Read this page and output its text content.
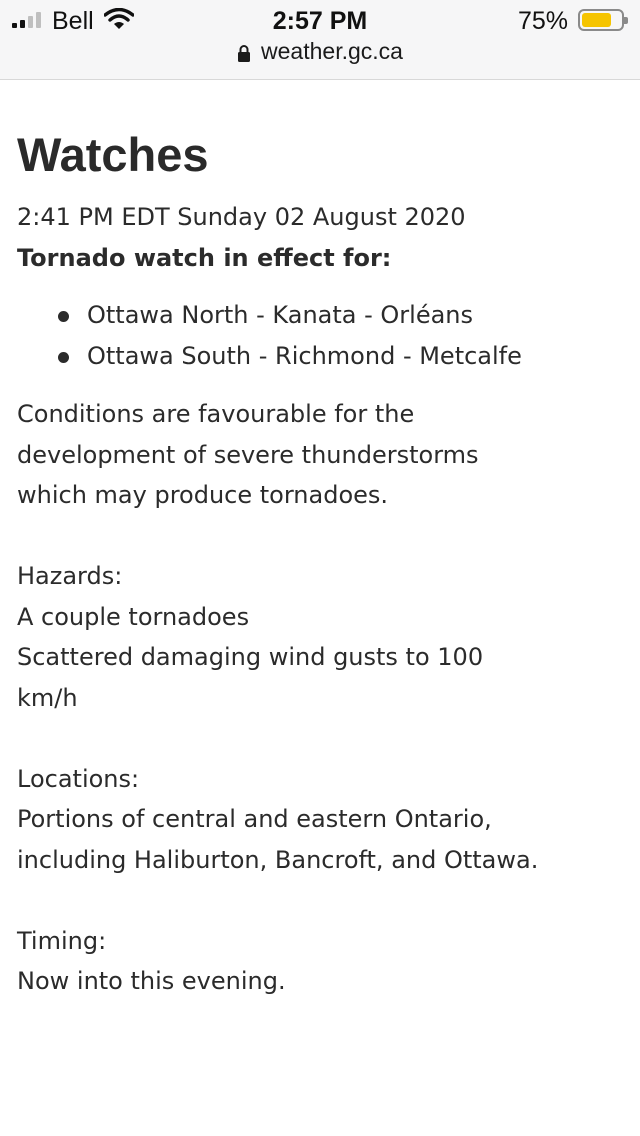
Bell	2:57 PM	75%
weather.gc.ca
Watches
2:41 PM EDT Sunday 02 August 2020
Tornado watch in effect for:
Ottawa North - Kanata - Orléans
Ottawa South - Richmond - Metcalfe
Conditions are favourable for the development of severe thunderstorms which may produce tornadoes.
Hazards:
A couple tornadoes
Scattered damaging wind gusts to 100 km/h
Locations:
Portions of central and eastern Ontario, including Haliburton, Bancroft, and Ottawa.
Timing:
Now into this evening.
